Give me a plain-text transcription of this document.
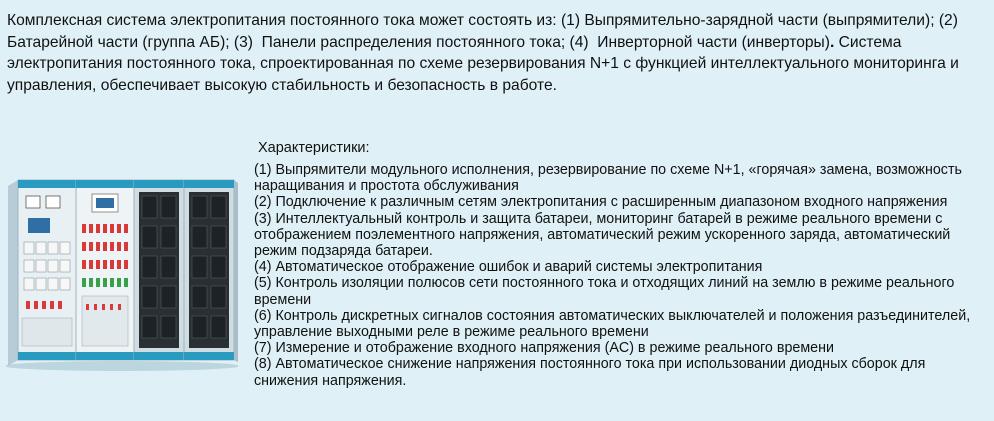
Комплексная система электропитания постоянного тока может состоять из: (1) Выпрямительно-зарядной части (выпрямители); (2)   Батарейной части (группа АБ); (3)  Панели распределения постоянного тока; (4)  Инверторной части (инверторы). Система электропитания постоянного тока, спроектированная по схеме резервирования N+1 с функцией интеллектуального мониторинга и управления, обеспечивает высокую стабильность и безопасность в работе.
Характеристики:
(1) Выпрямители модульного исполнения, резервирование по схеме N+1, «горячая» замена, возможность наращивания и простота обслуживания
(2) Подключение к различным сетям электропитания с расширенным диапазоном входного напряжения
(3) Интеллектуальный контроль и защита батареи, мониторинг батарей в режиме реального времени с отображением поэлементного напряжения, автоматический режим ускоренного заряда, автоматический режим подзаряда батареи.
(4) Автоматическое отображение ошибок и аварий системы электропитания
(5) Контроль изоляции полюсов сети постоянного тока и отходящих линий на землю в режиме реального времени
(6) Контроль дискретных сигналов состояния автоматических выключателей и положения разъединителей, управление выходными реле в режиме реального времени
(7) Измерение и отображение входного напряжения (AC) в режиме реального времени
(8) Автоматическое снижение напряжения постоянного тока при использовании диодных сборок для снижения напряжения.
